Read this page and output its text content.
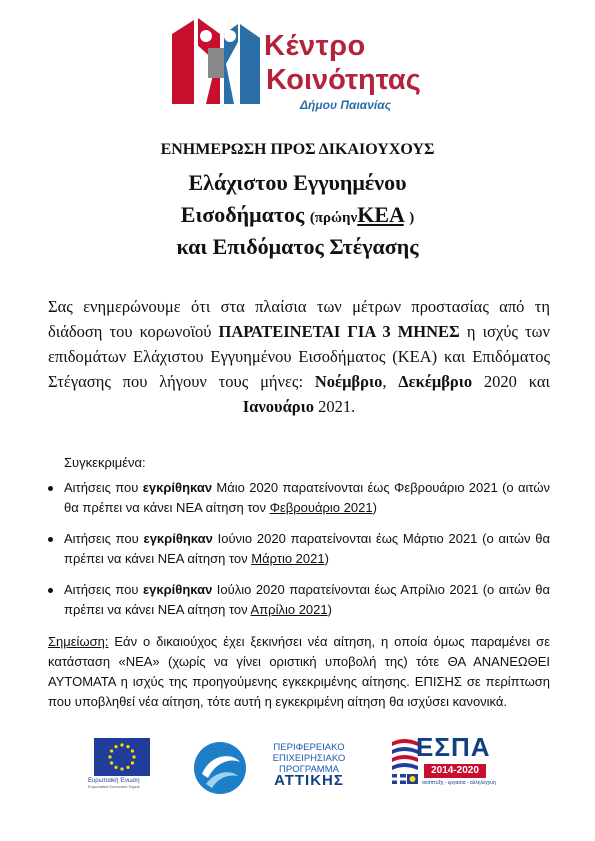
Κέντρο
Κοινότητας
Δήμου Παιανίας
ΕΝΗΜΕΡΩΣΗ ΠΡΟΣ ΔΙΚΑΙΟΥΧΟΥΣ
Ελάχιστου Εγγυημένου
Εισοδήματος (πρώηνΚΕΑ )
και Επιδόματος Στέγασης
Σας ενημερώνουμε ότι στα πλαίσια των μέτρων προστασίας από τη διάδοση του κορωνοϊού ΠΑΡΑΤΕΙΝΕΤΑΙ ΓΙΑ 3 ΜΗΝΕΣ η ισχύς των επιδομάτων Ελάχιστου Εγγυημένου Εισοδήματος (ΚΕΑ) και Επιδόματος Στέγασης που λήγουν τους μήνες: Νοέμβριο, Δεκέμβριο 2020 και Ιανουάριο 2021.
Συγκεκριμένα:
Αιτήσεις που εγκρίθηκαν Μάιο 2020 παρατείνονται έως Φεβρουάριο 2021 (ο αιτών θα πρέπει να κάνει ΝΕΑ αίτηση τον Φεβρουάριο 2021)
Αιτήσεις που εγκρίθηκαν Ιούνιο 2020 παρατείνονται έως Μάρτιο 2021 (ο αιτών θα πρέπει να κάνει ΝΕΑ αίτηση τον Μάρτιο 2021)
Αιτήσεις που εγκρίθηκαν Ιούλιο 2020 παρατείνονται έως Απρίλιο 2021 (ο αιτών θα πρέπει να κάνει ΝΕΑ αίτηση τον Απρίλιο 2021)
Σημείωση: Εάν ο δικαιούχος έχει ξεκινήσει νέα αίτηση, η οποία όμως παραμένει σε κατάσταση «ΝΕΑ» (χωρίς να γίνει οριστική υποβολή της) τότε ΘΑ ΑΝΑΝΕΩΘΕΙ ΑΥΤΟΜΑΤΑ η ισχύς της προηγούμενης εγκεκριμένης αίτησης. ΕΠΙΣΗΣ σε περίπτωση που υποβληθεί νέα αίτηση, τότε αυτή η εγκεκριμένη αίτηση θα ισχύσει κανονικά.
Ευρωπαϊκή Ένωση
Ευρωπαϊκό Κοινωνικό Ταμείο
ΠΕΡΙΦΕΡΕΙΑΚΟ
ΕΠΙΧΕΙΡΗΣΙΑΚΟ
ΠΡΟΓΡΑΜΜΑ
ΑΤΤΙΚΗΣ
ΕΣΠΑ
2014-2020
ανάπτυξη - εργασία - αλληλεγγύη
